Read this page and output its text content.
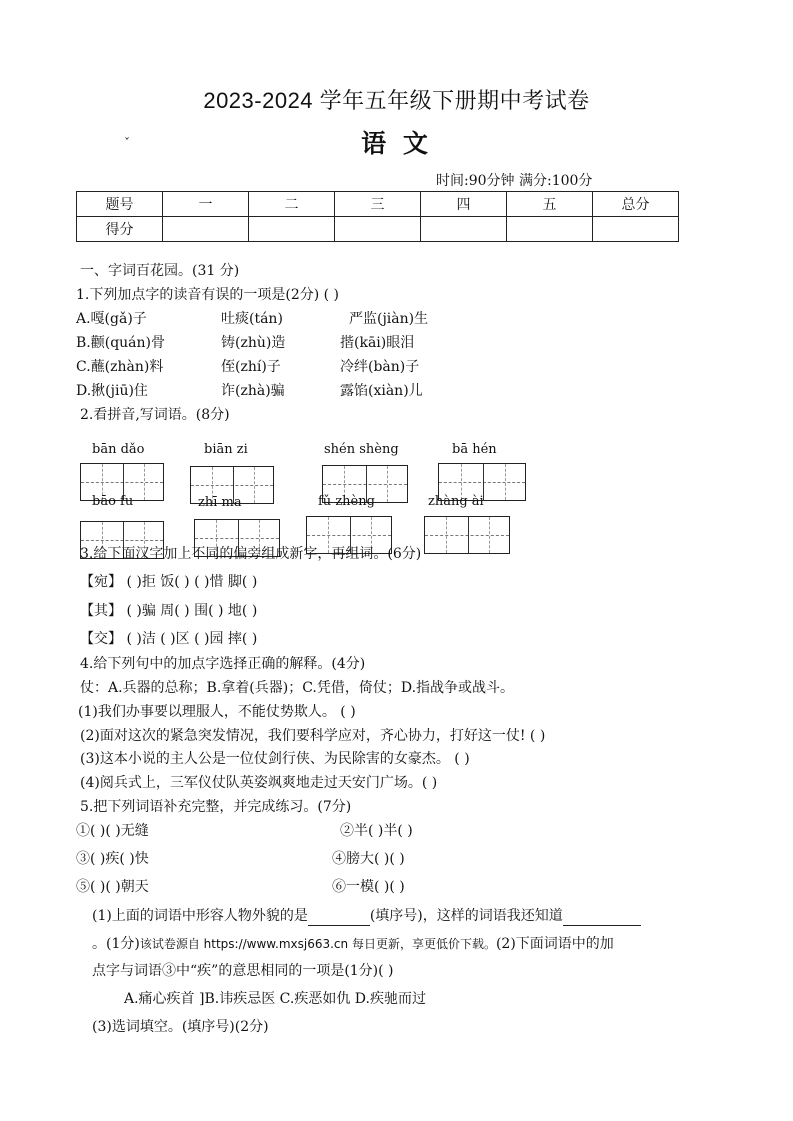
2023-2024 学年五年级下册期中考试卷
ˇ	语 文
时间:90分钟 满分:100分
题号	一	二	三	四	五	总分
得分						
一、字词百花园。(31 分)
1.下列加点字的读音有误的一项是(2分) ( )
A.嘎(gǎ)子	吐痰(tán)	严监(jiàn)生
B.颧(quán)骨	铸(zhù)造	揩(kāi)眼泪
C.蘸(zhàn)料	侄(zhí)子	冷绊(bàn)子
D.揪(jiū)住	诈(zhà)骗	露馅(xiàn)儿
2.看拼音,写词语。(8分)
bān dǎo	biān zi	shén shèng	bā hén
bāo fu	zhī ma	fǔ zhèng	zhàng ài
3.给下面汉字加上不同的偏旁组成新字，再组词。(6分)
【宛】 ( )拒 饭( ) ( )惜 脚( )
【其】 ( )骗 周( ) 围( ) 地( )
【交】 ( )洁 ( )区 ( )园 摔( )
4.给下列句中的加点字选择正确的解释。(4分)
仗：A.兵器的总称；B.拿着(兵器)；C.凭借，倚仗；D.指战争或战斗。
(1)我们办事要以理服人，不能仗势欺人。 ( )
(2)面对这次的紧急突发情况，我们要科学应对，齐心协力，打好这一仗! ( )
(3)这本小说的主人公是一位仗剑行侠、为民除害的女豪杰。 ( )
(4)阅兵式上，三军仪仗队英姿飒爽地走过天安门广场。( )
5.把下列词语补充完整，并完成练习。(7分)
①( )( )无缝	②半( )半( )
③( )疾( )快	④膀大( )( )
⑤( )( )朝天	⑥一模( )( )
(1)上面的词语中形容人物外貌的是	(填序号)，这样的词语我还知道
。(1分)该试卷源自 https://www.mxsj663.cn 每日更新，享更低价下载。(2)下面词语中的加
点字与词语③中“疾”的意思相同的一项是(1分)( )
A.痛心疾首 ]B.讳疾忌医 C.疾恶如仇 D.疾驰而过
(3)选词填空。(填序号)(2分)
